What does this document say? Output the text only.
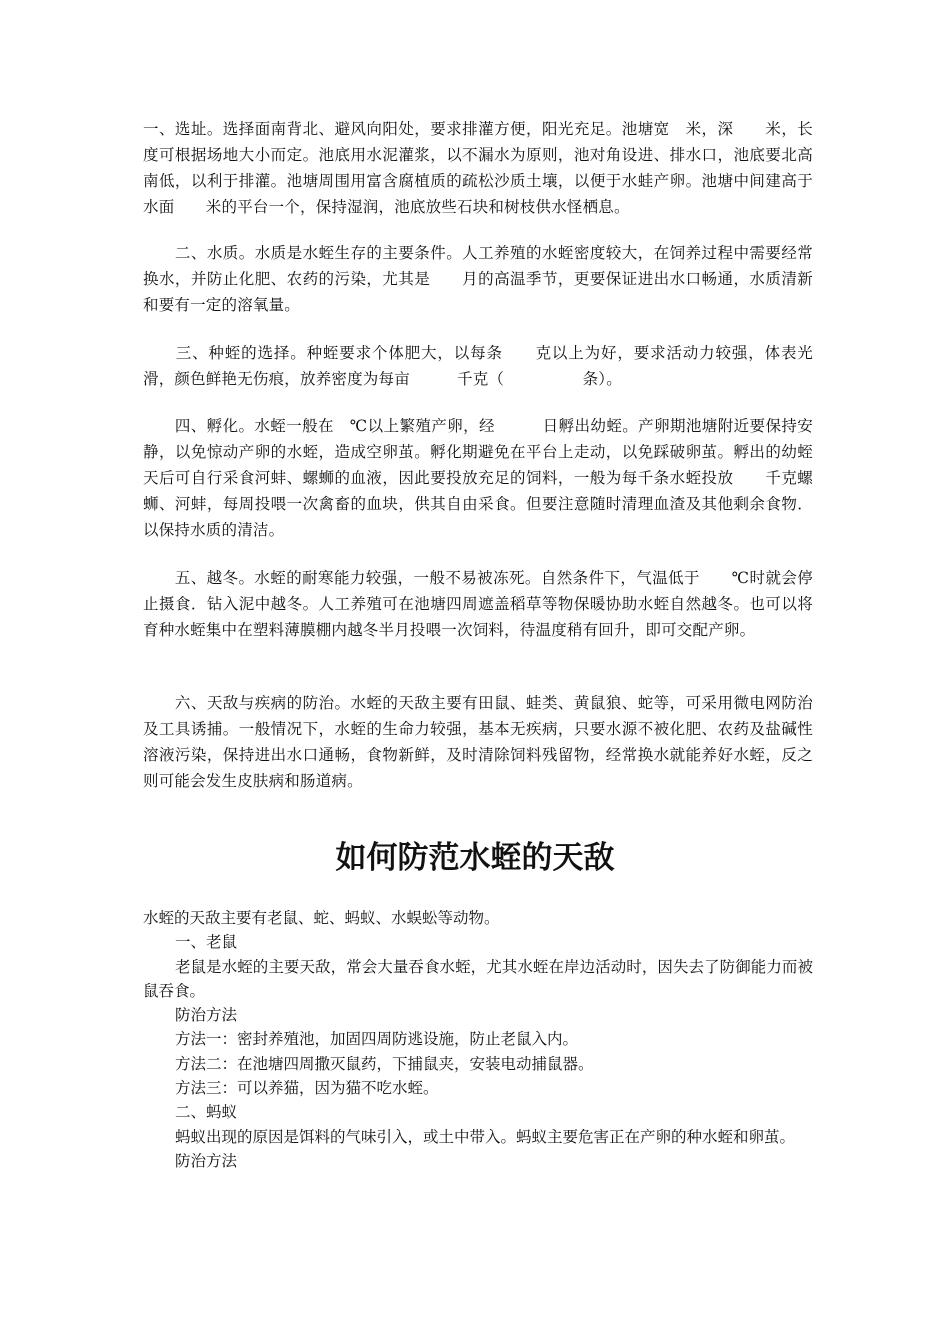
一、选址。选择面南背北、避风向阳处，要求排灌方便，阳光充足。池塘宽　米，深　　米，长度可根据场地大小而定。池底用水泥灌浆，以不漏水为原则，池对角设进、排水口，池底要北高南低，以利于排灌。池塘周围用富含腐植质的疏松沙质土壤，以便于水蛙产卵。池塘中间建高于水面　　米的平台一个，保持湿润，池底放些石块和树枝供水怪栖息。

　　二、水质。水质是水蛭生存的主要条件。人工养殖的水蛭密度较大，在饲养过程中需要经常换水，并防止化肥、农药的污染，尤其是　　月的高温季节，更要保证进出水口畅通，水质清新和要有一定的溶氧量。

　　三、种蛭的选择。种蛭要求个体肥大，以每条　　克以上为好，要求活动力较强，体表光滑，颜色鲜艳无伤痕，放养密度为每亩　　　千克（　　　　　条）。

　　四、孵化。水蛭一般在　℃以上繁殖产卵，经　　　日孵出幼蛭。产卵期池塘附近要保持安静，以免惊动产卵的水蛭，造成空卵茧。孵化期避免在平台上走动，以免踩破卵茧。孵出的幼蛭　天后可自行采食河蚌、螺蛳的血液，因此要投放充足的饲料，一般为每千条水蛭投放　　千克螺蛳、河蚌，每周投喂一次禽畜的血块，供其自由采食。但要注意随时清理血渣及其他剩余食物．以保持水质的清洁。

　　五、越冬。水蛭的耐寒能力较强，一般不易被冻死。自然条件下，气温低于　　℃时就会停止摄食．钻入泥中越冬。人工养殖可在池塘四周遮盖稻草等物保暖协助水蛭自然越冬。也可以将育种水蛭集中在塑料薄膜棚内越冬半月投喂一次饲料，待温度稍有回升，即可交配产卵。

　　六、天敌与疾病的防治。水蛭的天敌主要有田鼠、蛙类、黄鼠狼、蛇等，可采用微电网防治及工具诱捕。一般情况下，水蛭的生命力较强，基本无疾病，只要水源不被化肥、农药及盐碱性溶液污染，保持进出水口通畅，食物新鲜，及时清除饲料残留物，经常换水就能养好水蛭，反之则可能会发生皮肤病和肠道病。

如何防范水蛭的天敌

水蛭的天敌主要有老鼠、蛇、蚂蚁、水蜈蚣等动物。

一、老鼠

老鼠是水蛭的主要天敌，常会大量吞食水蛭，尤其水蛭在岸边活动时，因失去了防御能力而被鼠吞食。

防治方法

方法一：密封养殖池，加固四周防逃设施，防止老鼠入内。

方法二：在池塘四周撒灭鼠药，下捕鼠夹，安装电动捕鼠器。

方法三：可以养猫，因为猫不吃水蛭。

二、蚂蚁

蚂蚁出现的原因是饵料的气味引入，或土中带入。蚂蚁主要危害正在产卵的种水蛭和卵茧。

防治方法
